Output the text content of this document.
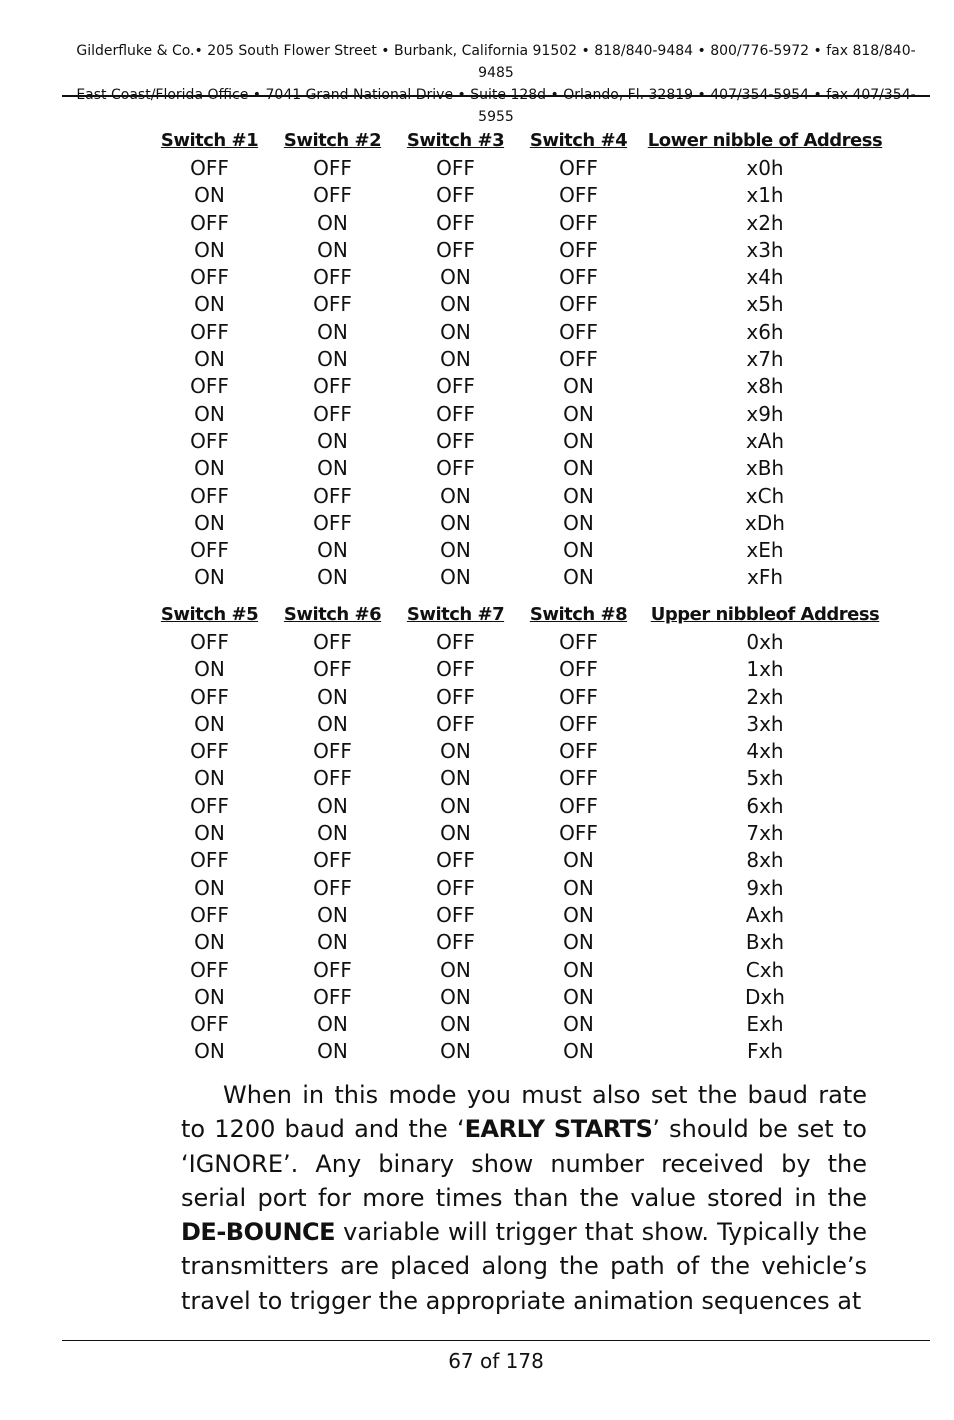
Gilderfluke & Co.• 205 South Flower Street • Burbank, California 91502 • 818/840-9484 • 800/776-5972 • fax 818/840-9485
East Coast/Florida Office • 7041 Grand National Drive • Suite 128d • Orlando, Fl. 32819 • 407/354-5954 • fax 407/354-5955
Switch #1	Switch #2	Switch #3	Switch #4	Lower nibble of Address
OFF	OFF	OFF	OFF	x0h
ON	OFF	OFF	OFF	x1h
OFF	ON	OFF	OFF	x2h
ON	ON	OFF	OFF	x3h
OFF	OFF	ON	OFF	x4h
ON	OFF	ON	OFF	x5h
OFF	ON	ON	OFF	x6h
ON	ON	ON	OFF	x7h
OFF	OFF	OFF	ON	x8h
ON	OFF	OFF	ON	x9h
OFF	ON	OFF	ON	xAh
ON	ON	OFF	ON	xBh
OFF	OFF	ON	ON	xCh
ON	OFF	ON	ON	xDh
OFF	ON	ON	ON	xEh
ON	ON	ON	ON	xFh
Switch #5	Switch #6	Switch #7	Switch #8	Upper nibbleof Address
OFF	OFF	OFF	OFF	0xh
ON	OFF	OFF	OFF	1xh
OFF	ON	OFF	OFF	2xh
ON	ON	OFF	OFF	3xh
OFF	OFF	ON	OFF	4xh
ON	OFF	ON	OFF	5xh
OFF	ON	ON	OFF	6xh
ON	ON	ON	OFF	7xh
OFF	OFF	OFF	ON	8xh
ON	OFF	OFF	ON	9xh
OFF	ON	OFF	ON	Axh
ON	ON	OFF	ON	Bxh
OFF	OFF	ON	ON	Cxh
ON	OFF	ON	ON	Dxh
OFF	ON	ON	ON	Exh
ON	ON	ON	ON	Fxh
When in this mode you must also set the baud rate to 1200 baud and the ‘EARLY STARTS’ should be set to ‘IGNORE’. Any binary show number received by the serial port for more times than the value stored in the DE-BOUNCE variable will trigger that show. Typically the transmitters are placed along the path of the vehicle’s travel to trigger the appropriate animation sequences at
67 of 178
